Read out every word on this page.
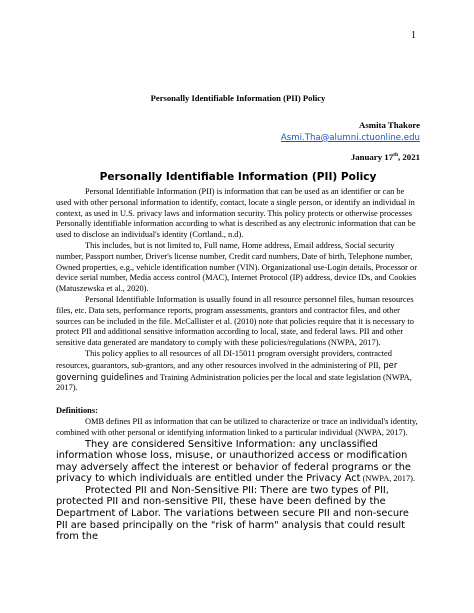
1
Personally Identifiable Information (PII) Policy
Asmita Thakore
Asmi.Tha@alumni.ctuonline.edu
January 17th, 2021
Personally Identifiable Information (PII) Policy

Personal Identifiable Information (PII) is information that can be used as an identifier or can be used with other personal information to identify, contact, locate a single person, or identify an individual in context, as used in U.S. privacy laws and information security. This policy protects or otherwise processes Personally identifiable information according to what is described as any electronic information that can be used to disclose an individual's identity (Cortland., n.d).

This includes, but is not limited to, Full name, Home address, Email address, Social security number, Passport number, Driver's license number, Credit card numbers, Date of birth, Telephone number, Owned properties, e.g., vehicle identification number (VIN). Organizational use-Login details, Processor or device serial number, Media access control (MAC), Internet Protocol (IP) address, device IDs, and Cookies (Matuszewska et al., 2020).

Personal Identifiable Information is usually found in all resource personnel files, human resources files, etc. Data sets, performance reports, program assessments, grantors and contractor files, and other sources can be included in the file. McCallister et al. (2010) note that policies require that it is necessary to protect PII and additional sensitive information according to local, state, and federal laws. PII and other sensitive data generated are mandatory to comply with these policies/regulations (NWPA, 2017).

This policy applies to all resources of all DI-15011 program oversight providers, contracted resources, guarantors, sub-grantors, and any other resources involved in the administering of PII, per governing guidelines and Training Administration policies per the local and state legislation (NWPA, 2017).

Definitions:

OMB defines PII as information that can be utilized to characterize or trace an individual's identity, combined with other personal or identifying information linked to a particular individual (NWPA, 2017).

They are considered Sensitive Information: any unclassified information whose loss, misuse, or unauthorized access or modification may adversely affect the interest or behavior of federal programs or the privacy to which individuals are entitled under the Privacy Act (NWPA, 2017).

Protected PII and Non-Sensitive PII: There are two types of PII, protected PII and non-sensitive PII, these have been defined by the Department of Labor. The variations between secure PII and non-secure PII are based principally on the "risk of harm" analysis that could result from the
